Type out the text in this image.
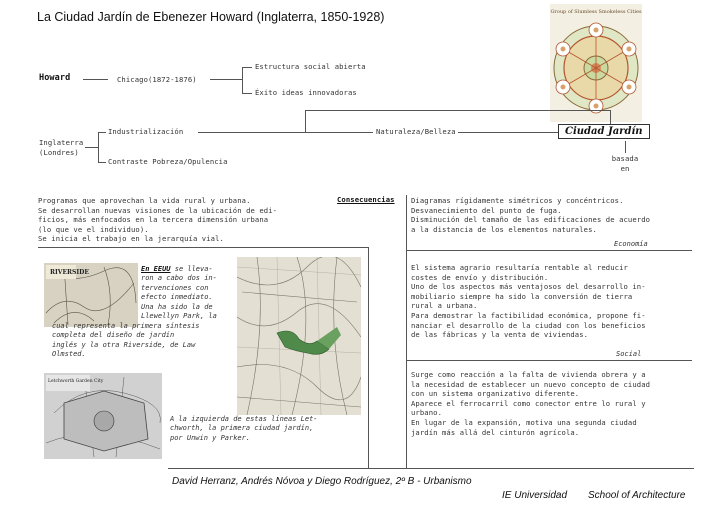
La Ciudad Jardín de Ebenezer Howard (Inglaterra, 1850-1928)	Group of Slumless Smokeless Cities
Howard	Chicago(1872-1876)
Estructura social abierta
Éxito ideas innovadoras
Inglaterra
(Londres)
Industrialización	Naturaleza/Belleza	Ciudad Jardín
Contraste Pobreza/Opulencia	basada
en
Consecuencias
Programas que aprovechan la vida rural y urbana.
Se desarrollan nuevas visiones de la ubicación de edi-
ficios, más enfocados en la tercera dimensión urbana
(lo que ve el individuo).
Se inicia el trabajo en la jerarquía vial.
RIVERSIDE
Letchworth Garden City
En EEUU se lleva-
ron a cabo dos in-
tervenciones con
efecto inmediato.
Una ha sido la de
Llewellyn Park, la
cual representa la primera síntesis
completa del diseño de jardín
inglés y la otra Riverside, de Law
Olmsted.
A la izquierda de estas líneas Let-
chworth, la primera ciudad jardín,
por Unwin y Parker.
Diagramas rígidamente simétricos y concéntricos.
Desvanecimiento del punto de fuga.
Disminución del tamaño de las edificaciones de acuerdo
a la distancia de los elementos naturales.
Economía
El sistema agrario resultaría rentable al reducir
costes de envío y distribución.
Uno de los aspectos más ventajosos del desarrollo in-
mobiliario siempre ha sido la conversión de tierra
rural a urbana.
Para demostrar la factibilidad económica, propone fi-
nanciar el desarrollo de la ciudad con los beneficios
de las fábricas y la venta de viviendas.
Social
Surge como reacción a la falta de vivienda obrera y a
la necesidad de establecer un nuevo concepto de ciudad
con un sistema organizativo diferente.
Aparece el ferrocarril como conector entre lo rural y
urbano.
En lugar de la expansión, motiva una segunda ciudad
jardín más allá del cinturón agrícola.
David Herranz, Andrés Nóvoa y Diego Rodríguez, 2º B - Urbanismo
IE Universidad School of Architecture
